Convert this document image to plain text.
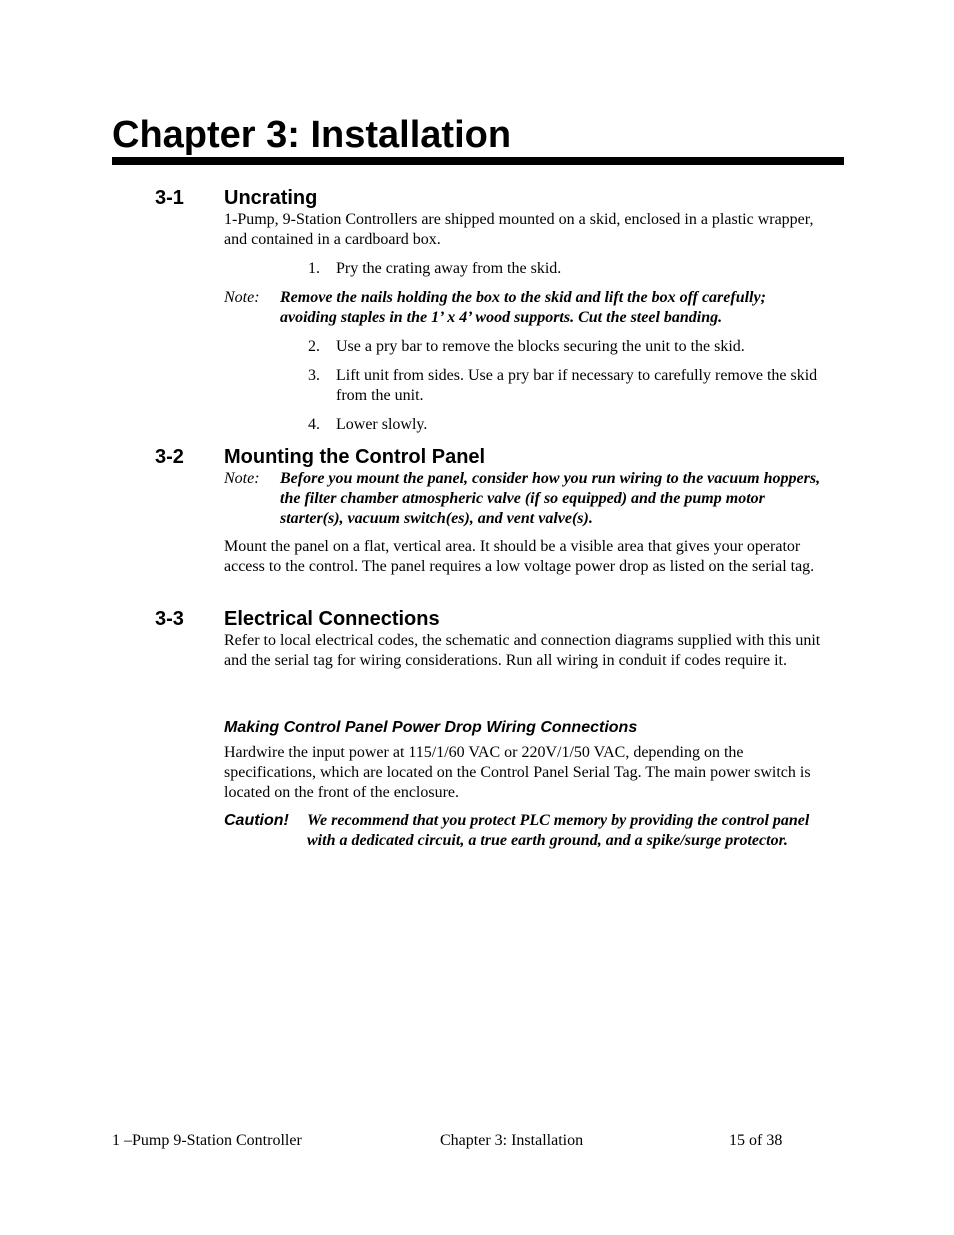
Chapter 3: Installation
3-1 Uncrating
1-Pump, 9-Station Controllers are shipped mounted on a skid, enclosed in a plastic wrapper, and contained in a cardboard box.
1. Pry the crating away from the skid.
Note: Remove the nails holding the box to the skid and lift the box off carefully; avoiding staples in the 1’ x 4’ wood supports. Cut the steel banding.
2. Use a pry bar to remove the blocks securing the unit to the skid.
3. Lift unit from sides. Use a pry bar if necessary to carefully remove the skid from the unit.
4. Lower slowly.
3-2 Mounting the Control Panel
Note: Before you mount the panel, consider how you run wiring to the vacuum hoppers, the filter chamber atmospheric valve (if so equipped) and the pump motor starter(s), vacuum switch(es), and vent valve(s).
Mount the panel on a flat, vertical area. It should be a visible area that gives your operator access to the control. The panel requires a low voltage power drop as listed on the serial tag.
3-3 Electrical Connections
Refer to local electrical codes, the schematic and connection diagrams supplied with this unit and the serial tag for wiring considerations. Run all wiring in conduit if codes require it.
Making Control Panel Power Drop Wiring Connections
Hardwire the input power at 115/1/60 VAC or 220V/1/50 VAC, depending on the specifications, which are located on the Control Panel Serial Tag. The main power switch is located on the front of the enclosure.
Caution! We recommend that you protect PLC memory by providing the control panel with a dedicated circuit, a true earth ground, and a spike/surge protector.
1 –Pump 9-Station Controller	Chapter 3: Installation	15 of 38
